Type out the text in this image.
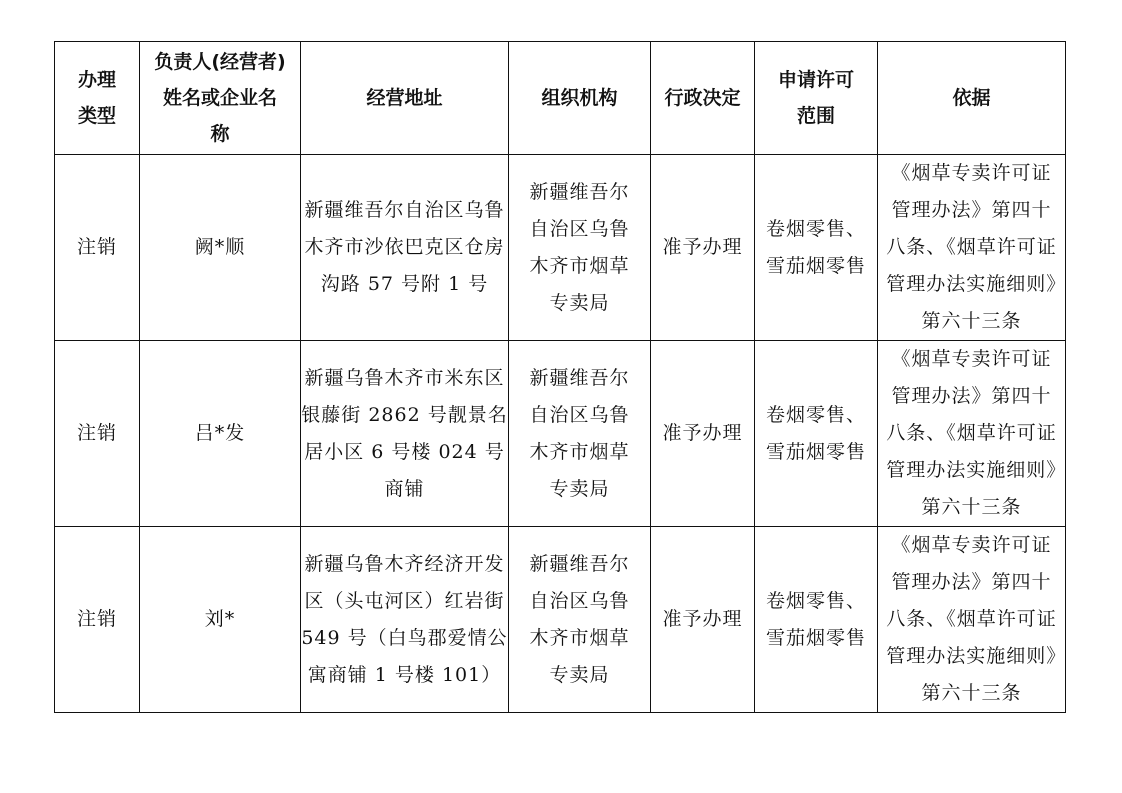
办理类型	负责人(经营者)姓名或企业名称	经营地址	组织机构	行政决定	申请许可范围	依据
注销	阙*顺	新疆维吾尔自治区乌鲁木齐市沙依巴克区仓房沟路 57 号附 1 号	新疆维吾尔自治区乌鲁木齐市烟草专卖局	准予办理	卷烟零售、雪茄烟零售	《烟草专卖许可证管理办法》第四十八条、《烟草许可证管理办法实施细则》第六十三条
注销	吕*发	新疆乌鲁木齐市米东区银藤街 2862 号靓景名居小区 6 号楼 024 号商铺	新疆维吾尔自治区乌鲁木齐市烟草专卖局	准予办理	卷烟零售、雪茄烟零售	《烟草专卖许可证管理办法》第四十八条、《烟草许可证管理办法实施细则》第六十三条
注销	刘*	新疆乌鲁木齐经济开发区（头屯河区）红岩街 549 号（白鸟郡爱情公寓商铺 1 号楼 101）	新疆维吾尔自治区乌鲁木齐市烟草专卖局	准予办理	卷烟零售、雪茄烟零售	《烟草专卖许可证管理办法》第四十八条、《烟草许可证管理办法实施细则》第六十三条
